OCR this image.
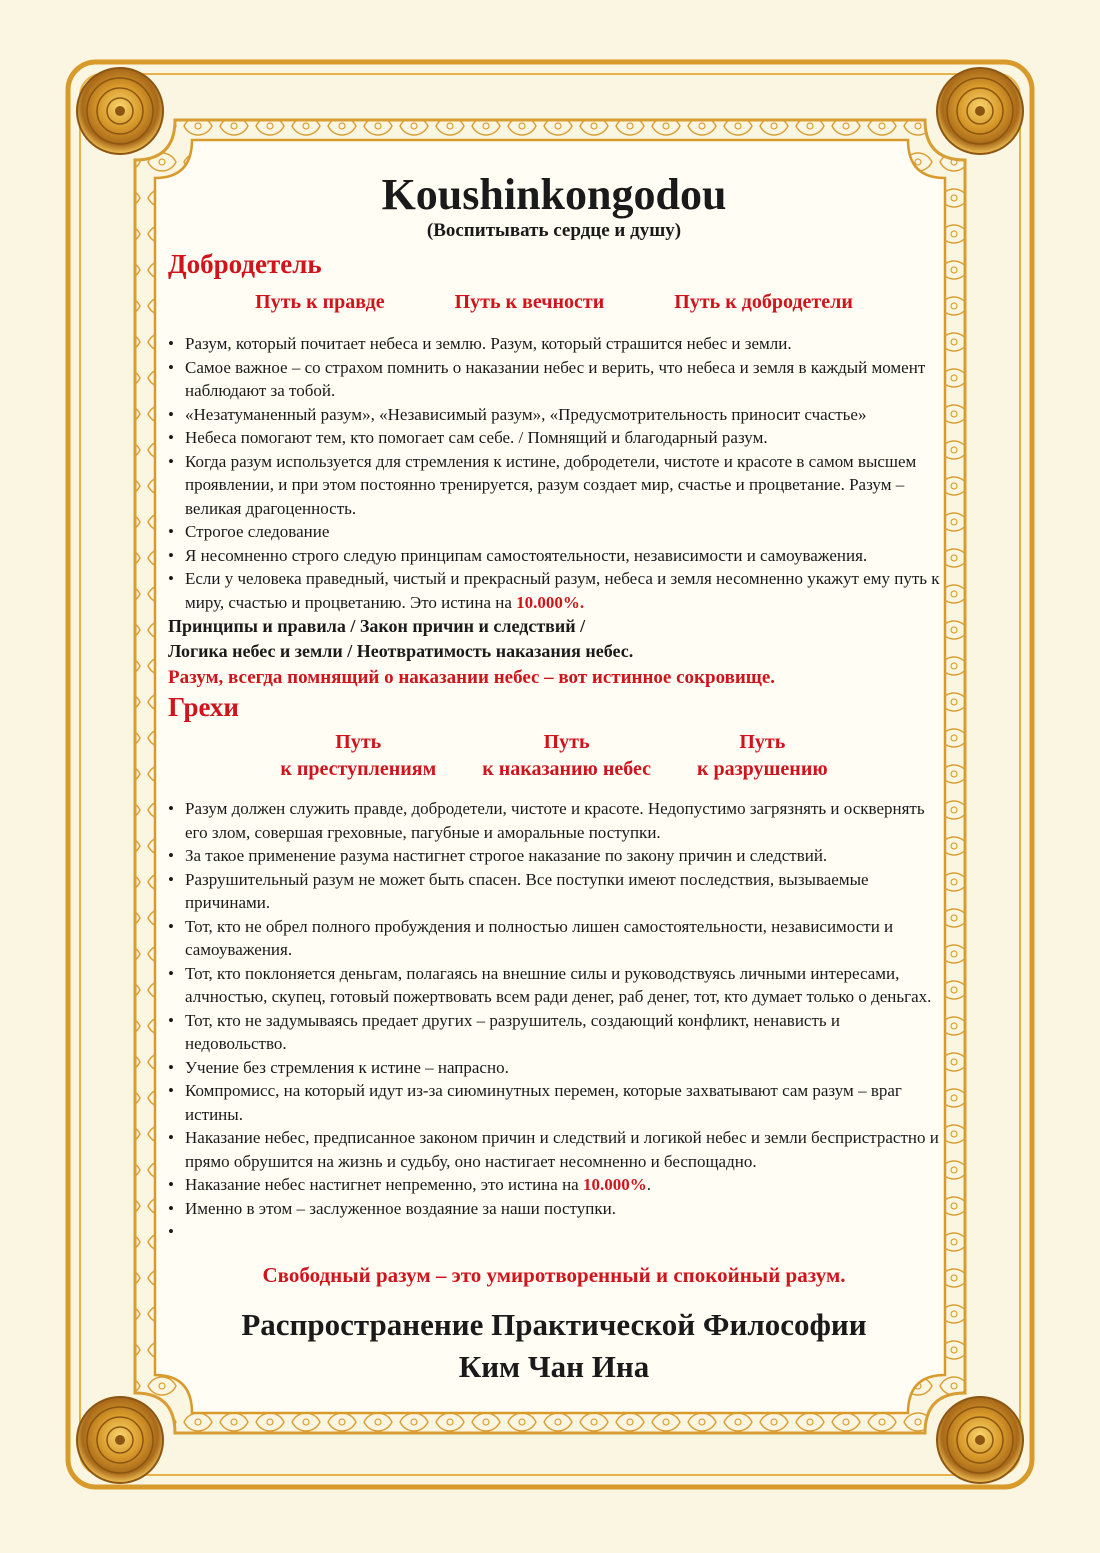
Koushinkongodou

(Воспитывать сердце и душу)

Добродетель
Путь к правде	Путь к вечности	Путь к добродетели
• Разум, который почитает небеса и землю. Разум, который страшится небес и земли.
• Самое важное – со страхом помнить о наказании небес и верить, что небеса и земля в каждый момент наблюдают за тобой.
• «Незатуманенный разум», «Независимый разум», «Предусмотрительность приносит счастье»
• Небеса помогают тем, кто помогает сам себе. / Помнящий и благодарный разум.
• Когда разум используется для стремления к истине, добродетели, чистоте и красоте в самом высшем проявлении, и при этом постоянно тренируется, разум создает мир, счастье и процветание. Разум – великая драгоценность.
• Строгое следование
• Я несомненно строго следую принципам самостоятельности, независимости и самоуважения.
• Если у человека праведный, чистый и прекрасный разум, небеса и земля несомненно укажут ему путь к миру, счастью и процветанию. Это истина на 10.000%.

Принципы и правила / Закон причин и следствий /

Логика небес и земли / Неотвратимость наказания небес.

Разум, всегда помнящий о наказании небес – вот истинное сокровище.

Грехи
Путь
к преступлениям
Путь
к наказанию небес
Путь
к разрушению
• Разум должен служить правде, добродетели, чистоте и красоте. Недопустимо загрязнять и осквернять его злом, совершая греховные, пагубные и аморальные поступки.
• За такое применение разума настигнет строгое наказание по закону причин и следствий.
• Разрушительный разум не может быть спасен. Все поступки имеют последствия, вызываемые причинами.
• Тот, кто не обрел полного пробуждения и полностью лишен самостоятельности, независимости и самоуважения.
• Тот, кто поклоняется деньгам, полагаясь на внешние силы и руководствуясь личными интересами, алчностью, скупец, готовый пожертвовать всем ради денег, раб денег, тот, кто думает только о деньгах.
• Тот, кто не задумываясь предает других – разрушитель, создающий конфликт, ненависть и недовольство.
• Учение без стремления к истине – напрасно.
• Компромисс, на который идут из-за сиюминутных перемен, которые захватывают сам разум – враг истины.
• Наказание небес, предписанное законом причин и следствий и логикой небес и земли беспристрастно и прямо обрушится на жизнь и судьбу, оно настигает несомненно и беспощадно.
• Наказание небес настигнет непременно, это истина на 10.000%.
• Именно в этом – заслуженное воздаяние за наши поступки.
•

Свободный разум – это умиротворенный и спокойный разум.

Распространение Практической Философии

Ким Чан Ина
